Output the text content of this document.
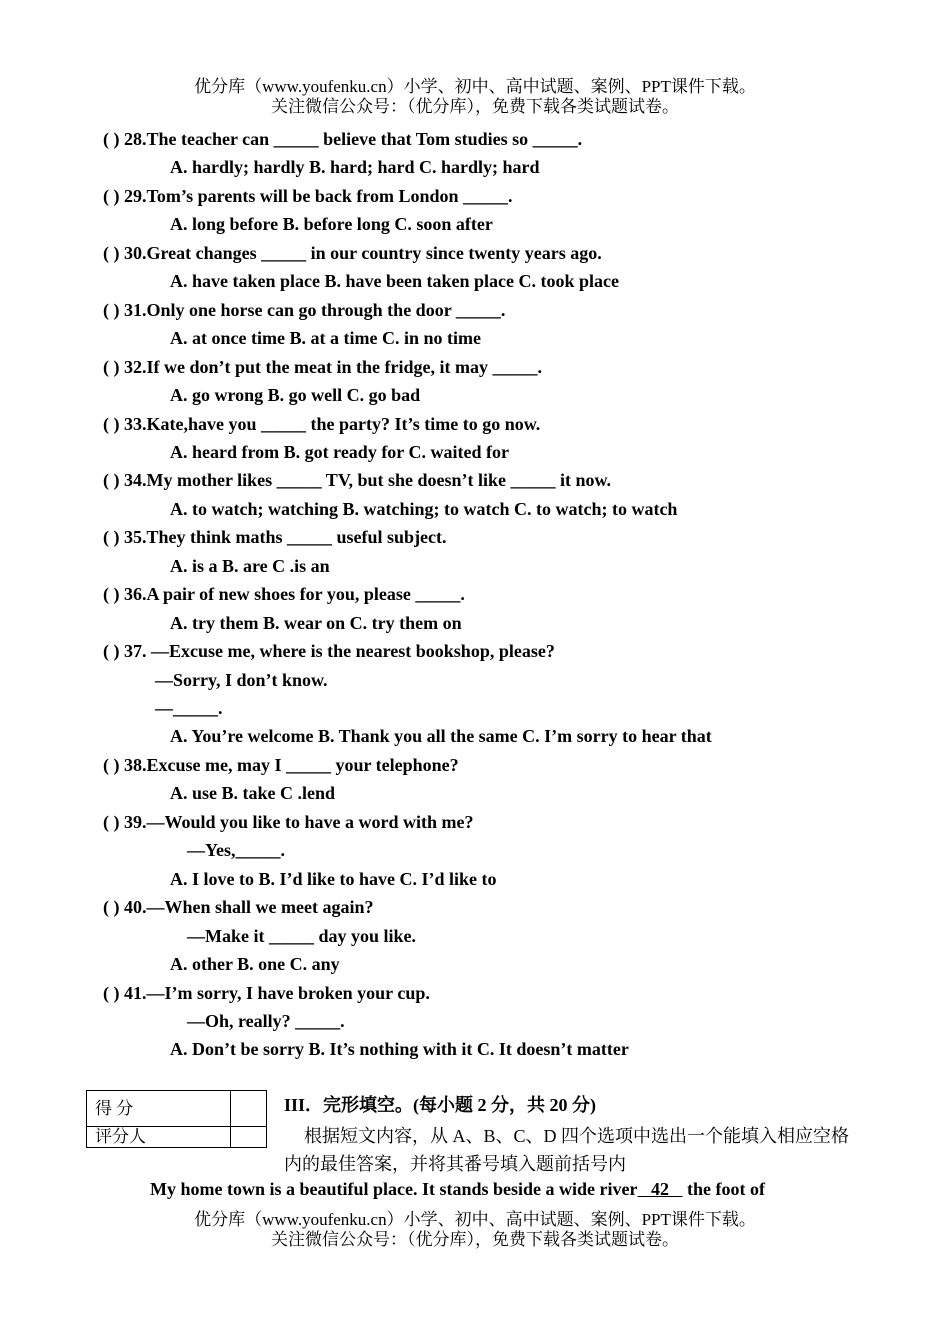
优分库（www.youfenku.cn）小学、初中、高中试题、案例、PPT课件下载。
关注微信公众号：（优分库），免费下载各类试题试卷。
( ) 28.The teacher can _____ believe that Tom studies so _____.
A. hardly; hardly B. hard; hard C. hardly; hard
( ) 29.Tom’s parents will be back from London _____.
A. long before B. before long C. soon after
( ) 30.Great changes _____ in our country since twenty years ago.
A. have taken place B. have been taken place C. took place
( ) 31.Only one horse can go through the door _____.
A. at once time B. at a time C. in no time
( ) 32.If we don’t put the meat in the fridge, it may _____.
A. go wrong B. go well C. go bad
( ) 33.Kate,have you _____ the party? It’s time to go now.
A. heard from B. got ready for C. waited for
( ) 34.My mother likes _____ TV, but she doesn’t like _____ it now.
A. to watch; watching B. watching; to watch C. to watch; to watch
( ) 35.They think maths _____ useful subject.
A. is a B. are C .is an
( ) 36.A pair of new shoes for you, please _____.
A. try them B. wear on C. try them on
( ) 37. —Excuse me, where is the nearest bookshop, please?
—Sorry, I don’t know.
—_____.
A. You’re welcome B. Thank you all the same C. I’m sorry to hear that
( ) 38.Excuse me, may I _____ your telephone?
A. use B. take C .lend
( ) 39.—Would you like to have a word with me?
—Yes,_____.
A. I love to B. I’d like to have C. I’d like to
( ) 40.—When shall we meet again?
—Make it _____ day you like.
A. other B. one C. any
( ) 41.—I’m sorry, I have broken your cup.
—Oh, really? _____.
A. Don’t be sorry B. It’s nothing with it C. It doesn’t matter
得 分	
评分人	
III．完形填空。(每小题 2 分，共 20 分)
根据短文内容，从 A、B、C、D 四个选项中选出一个能填入相应空格内的最佳答案，并将其番号填入题前括号内
My home town is a beautiful place. It stands beside a wide river 42 the foot of
优分库（www.youfenku.cn）小学、初中、高中试题、案例、PPT课件下载。
关注微信公众号：（优分库），免费下载各类试题试卷。
